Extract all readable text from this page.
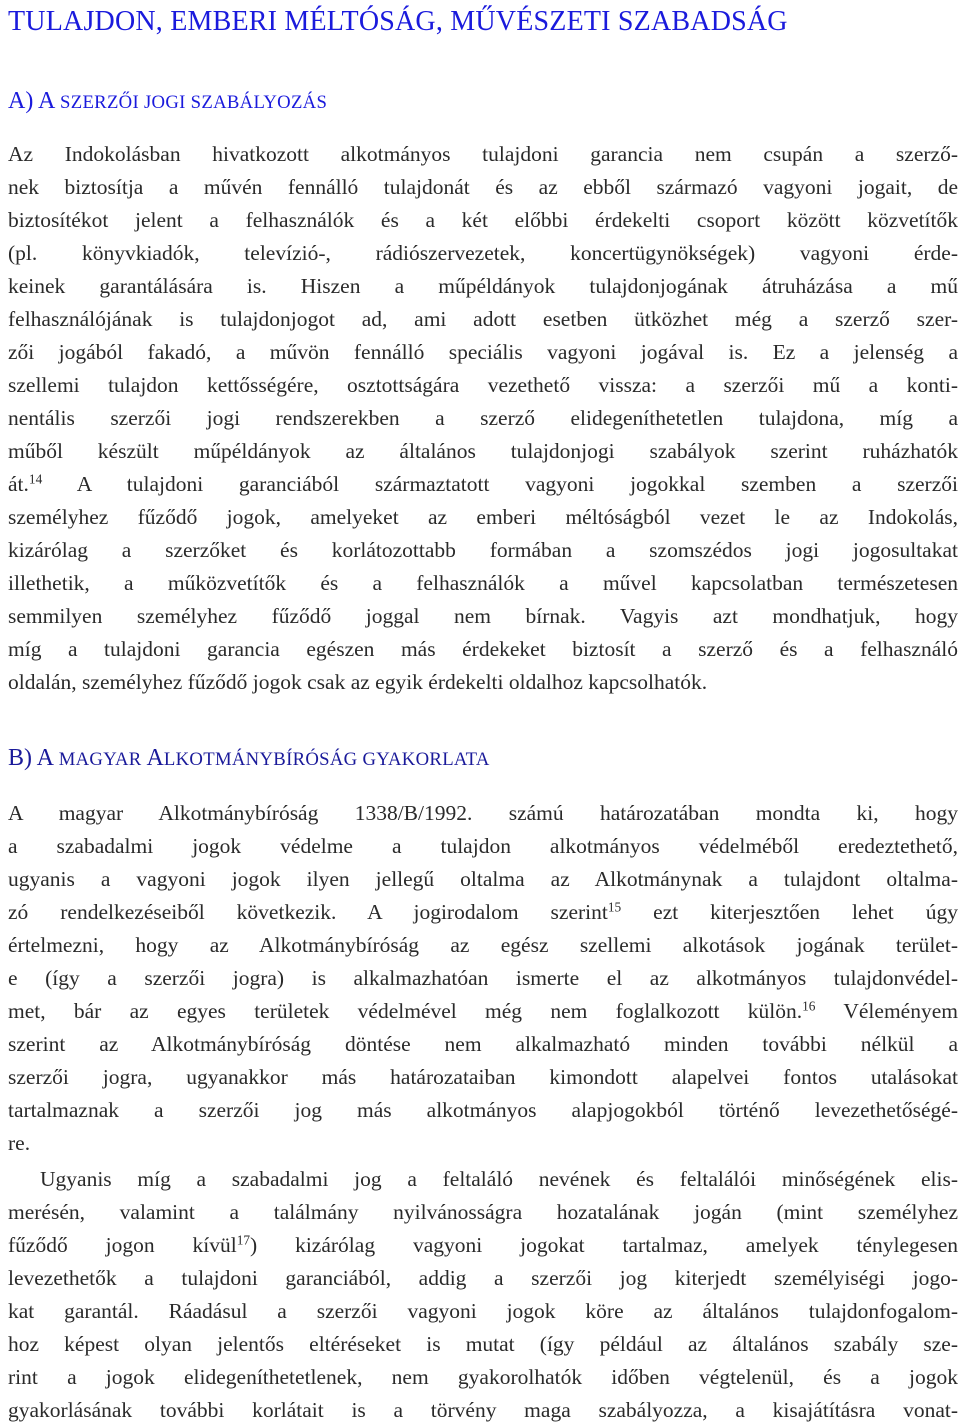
TULAJDON, EMBERI MÉLTÓSÁG, MŰVÉSZETI SZABADSÁG
A) A SZERZŐI JOGI SZABÁLYOZÁS
Az Indokolásban hivatkozott alkotmányos tulajdoni garancia nem csupán a szerző-
nek biztosítja a művén fennálló tulajdonát és az ebből származó vagyoni jogait, de
biztosítékot jelent a felhasználók és a két előbbi érdekelti csoport között közvetítők
(pl. könyvkiadók, televízió-, rádiószervezetek, koncertügynökségek) vagyoni érde-
keinek garantálására is. Hiszen a műpéldányok tulajdonjogának átruházása a mű
felhasználójának is tulajdonjogot ad, ami adott esetben ütközhet még a szerző szer-
zői jogából fakadó, a művön fennálló speciális vagyoni jogával is. Ez a jelenség a
szellemi tulajdon kettősségére, osztottságára vezethető vissza: a szerzői mű a konti-
nentális szerzői jogi rendszerekben a szerző elidegeníthetetlen tulajdona, míg a
műből készült műpéldányok az általános tulajdonjogi szabályok szerint ruházhatók
át.$^{14}$ A tulajdoni garanciából származtatott vagyoni jogokkal szemben a szerzői
személyhez fűződő jogok, amelyeket az emberi méltóságból vezet le az Indokolás,
kizárólag a szerzőket és korlátozottabb formában a szomszédos jogi jogosultakat
illethetik, a műközvetítők és a felhasználók a művel kapcsolatban természetesen
semmilyen személyhez fűződő joggal nem bírnak. Vagyis azt mondhatjuk, hogy
míg a tulajdoni garancia egészen más érdekeket biztosít a szerző és a felhasználó
oldalán, személyhez fűződő jogok csak az egyik érdekelti oldalhoz kapcsolhatók.
B) A MAGYAR ALKOTMÁNYBÍRÓSÁG GYAKORLATA
A magyar Alkotmánybíróság 1338/B/1992. számú határozatában mondta ki, hogy
a szabadalmi jogok védelme a tulajdon alkotmányos védelméből eredeztethető,
ugyanis a vagyoni jogok ilyen jellegű oltalma az Alkotmánynak a tulajdont oltalma-
zó rendelkezéseiből következik. A jogirodalom szerint$^{15}$ ezt kiterjesztően lehet úgy
értelmezni, hogy az Alkotmánybíróság az egész szellemi alkotások jogának terület-
e (így a szerzői jogra) is alkalmazhatóan ismerte el az alkotmányos tulajdonvédel-
met, bár az egyes területek védelmével még nem foglalkozott külön.$^{16}$ Véleményem
szerint az Alkotmánybíróság döntése nem alkalmazható minden további nélkül a
szerzői jogra, ugyanakkor más határozataiban kimondott alapelvei fontos utalásokat
tartalmaznak a szerzői jog más alkotmányos alapjogokból történő levezethetőségé-
re.
Ugyanis míg a szabadalmi jog a feltaláló nevének és feltalálói minőségének elis-
merésén, valamint a találmány nyilvánosságra hozatalának jogán (mint személyhez
fűződő jogon kívül$^{17}$) kizárólag vagyoni jogokat tartalmaz, amelyek ténylegesen
levezethetők a tulajdoni garanciából, addig a szerzői jog kiterjedt személyiségi jogo-
kat garantál. Ráadásul a szerzői vagyoni jogok köre az általános tulajdonfogalom-
hoz képest olyan jelentős eltéréseket is mutat (így például az általános szabály sze-
rint a jogok elidegeníthetetlenek, nem gyakorolhatók időben végtelenül, és a jogok
gyakorlásának további korlátait is a törvény maga szabályozza, a kisajátításra vonat-
